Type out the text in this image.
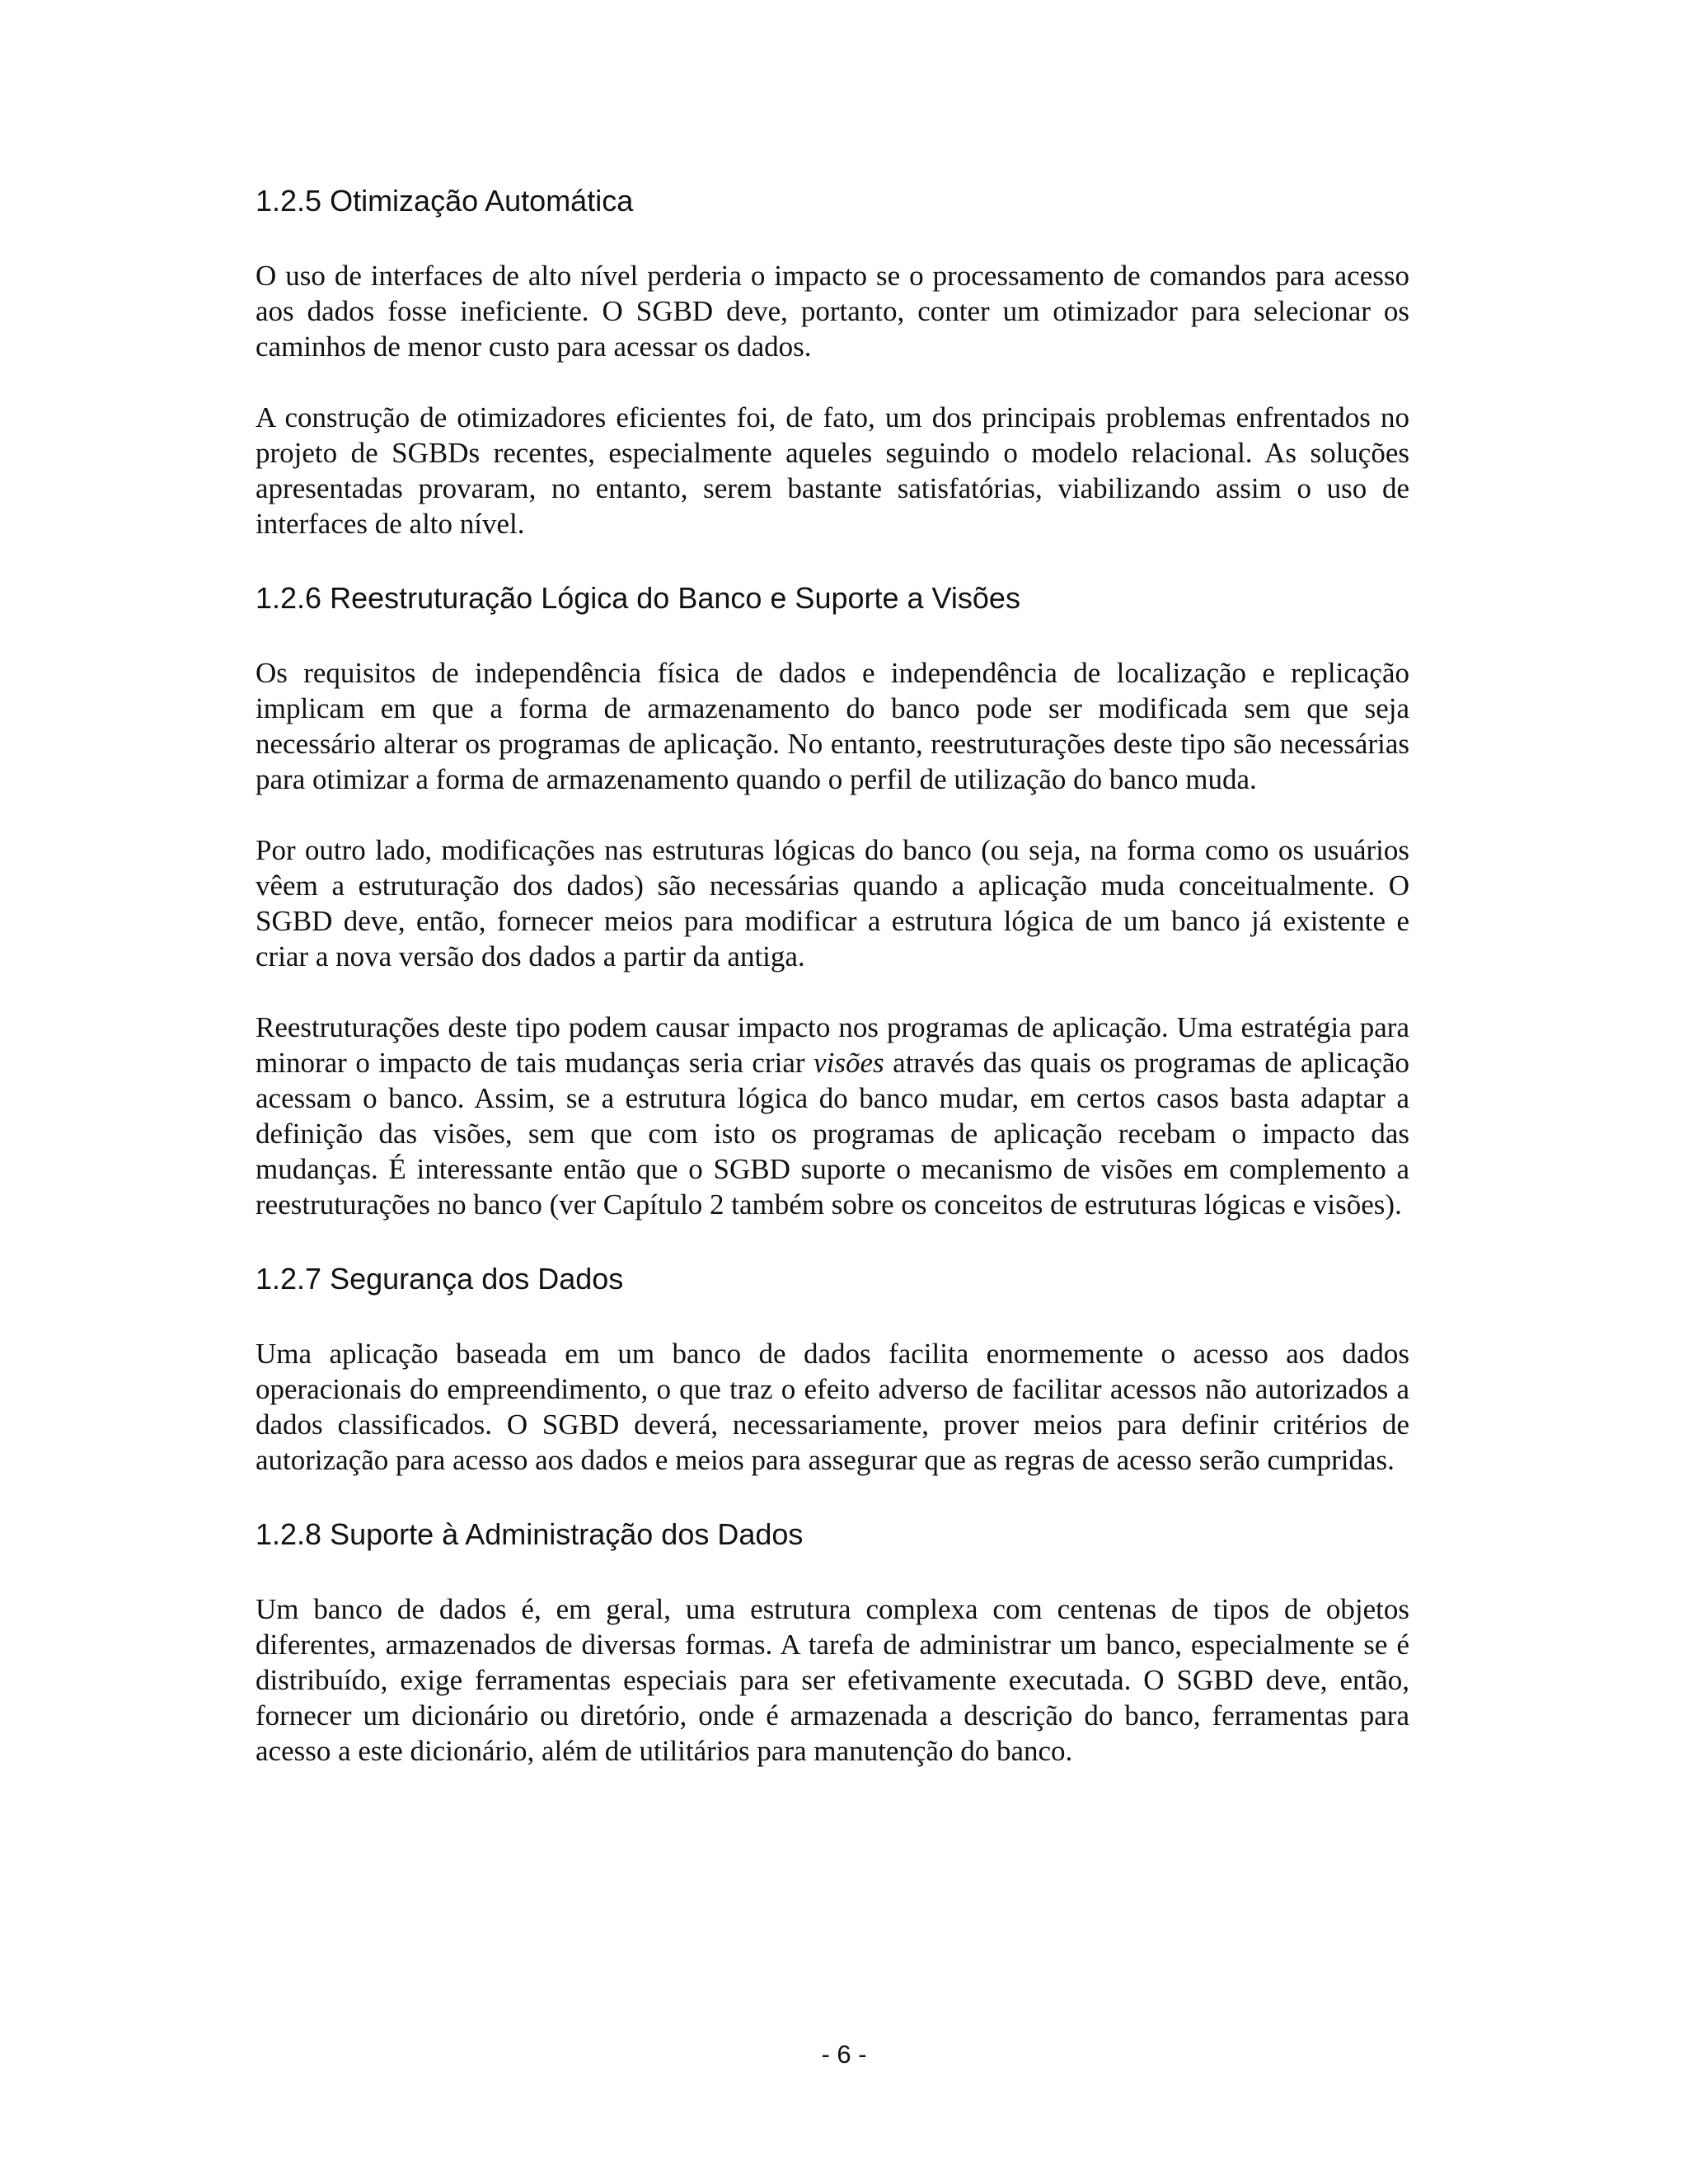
1.2.5 Otimização Automática

O uso de interfaces de alto nível perderia o impacto se o processamento de comandos para acesso aos dados fosse ineficiente. O SGBD deve, portanto, conter um otimizador para selecionar os caminhos de menor custo para acessar os dados.

A construção de otimizadores eficientes foi, de fato, um dos principais problemas enfrentados no projeto de SGBDs recentes, especialmente aqueles seguindo o modelo relacional. As soluções apresentadas provaram, no entanto, serem bastante satisfatórias, viabilizando assim o uso de interfaces de alto nível.

1.2.6 Reestruturação Lógica do Banco e Suporte a Visões

Os requisitos de independência física de dados e independência de localização e replicação implicam em que a forma de armazenamento do banco pode ser modificada sem que seja necessário alterar os programas de aplicação. No entanto, reestruturações deste tipo são necessárias para otimizar a forma de armazenamento quando o perfil de utilização do banco muda.

Por outro lado, modificações nas estruturas lógicas do banco (ou seja, na forma como os usuários vêem a estruturação dos dados) são necessárias quando a aplicação muda conceitualmente. O SGBD deve, então, fornecer meios para modificar a estrutura lógica de um banco já existente e criar a nova versão dos dados a partir da antiga.

Reestruturações deste tipo podem causar impacto nos programas de aplicação. Uma estratégia para minorar o impacto de tais mudanças seria criar visões através das quais os programas de aplicação acessam o banco. Assim, se a estrutura lógica do banco mudar, em certos casos basta adaptar a definição das visões, sem que com isto os programas de aplicação recebam o impacto das mudanças. É interessante então que o SGBD suporte o mecanismo de visões em complemento a reestruturações no banco (ver Capítulo 2 também sobre os conceitos de estruturas lógicas e visões).

1.2.7 Segurança dos Dados

Uma aplicação baseada em um banco de dados facilita enormemente o acesso aos dados operacionais do empreendimento, o que traz o efeito adverso de facilitar acessos não autorizados a dados classificados. O SGBD deverá, necessariamente, prover meios para definir critérios de autorização para acesso aos dados e meios para assegurar que as regras de acesso serão cumpridas.

1.2.8 Suporte à Administração dos Dados

Um banco de dados é, em geral, uma estrutura complexa com centenas de tipos de objetos diferentes, armazenados de diversas formas. A tarefa de administrar um banco, especialmente se é distribuído, exige ferramentas especiais para ser efetivamente executada. O SGBD deve, então, fornecer um dicionário ou diretório, onde é armazenada a descrição do banco, ferramentas para acesso a este dicionário, além de utilitários para manutenção do banco.

- 6 -
